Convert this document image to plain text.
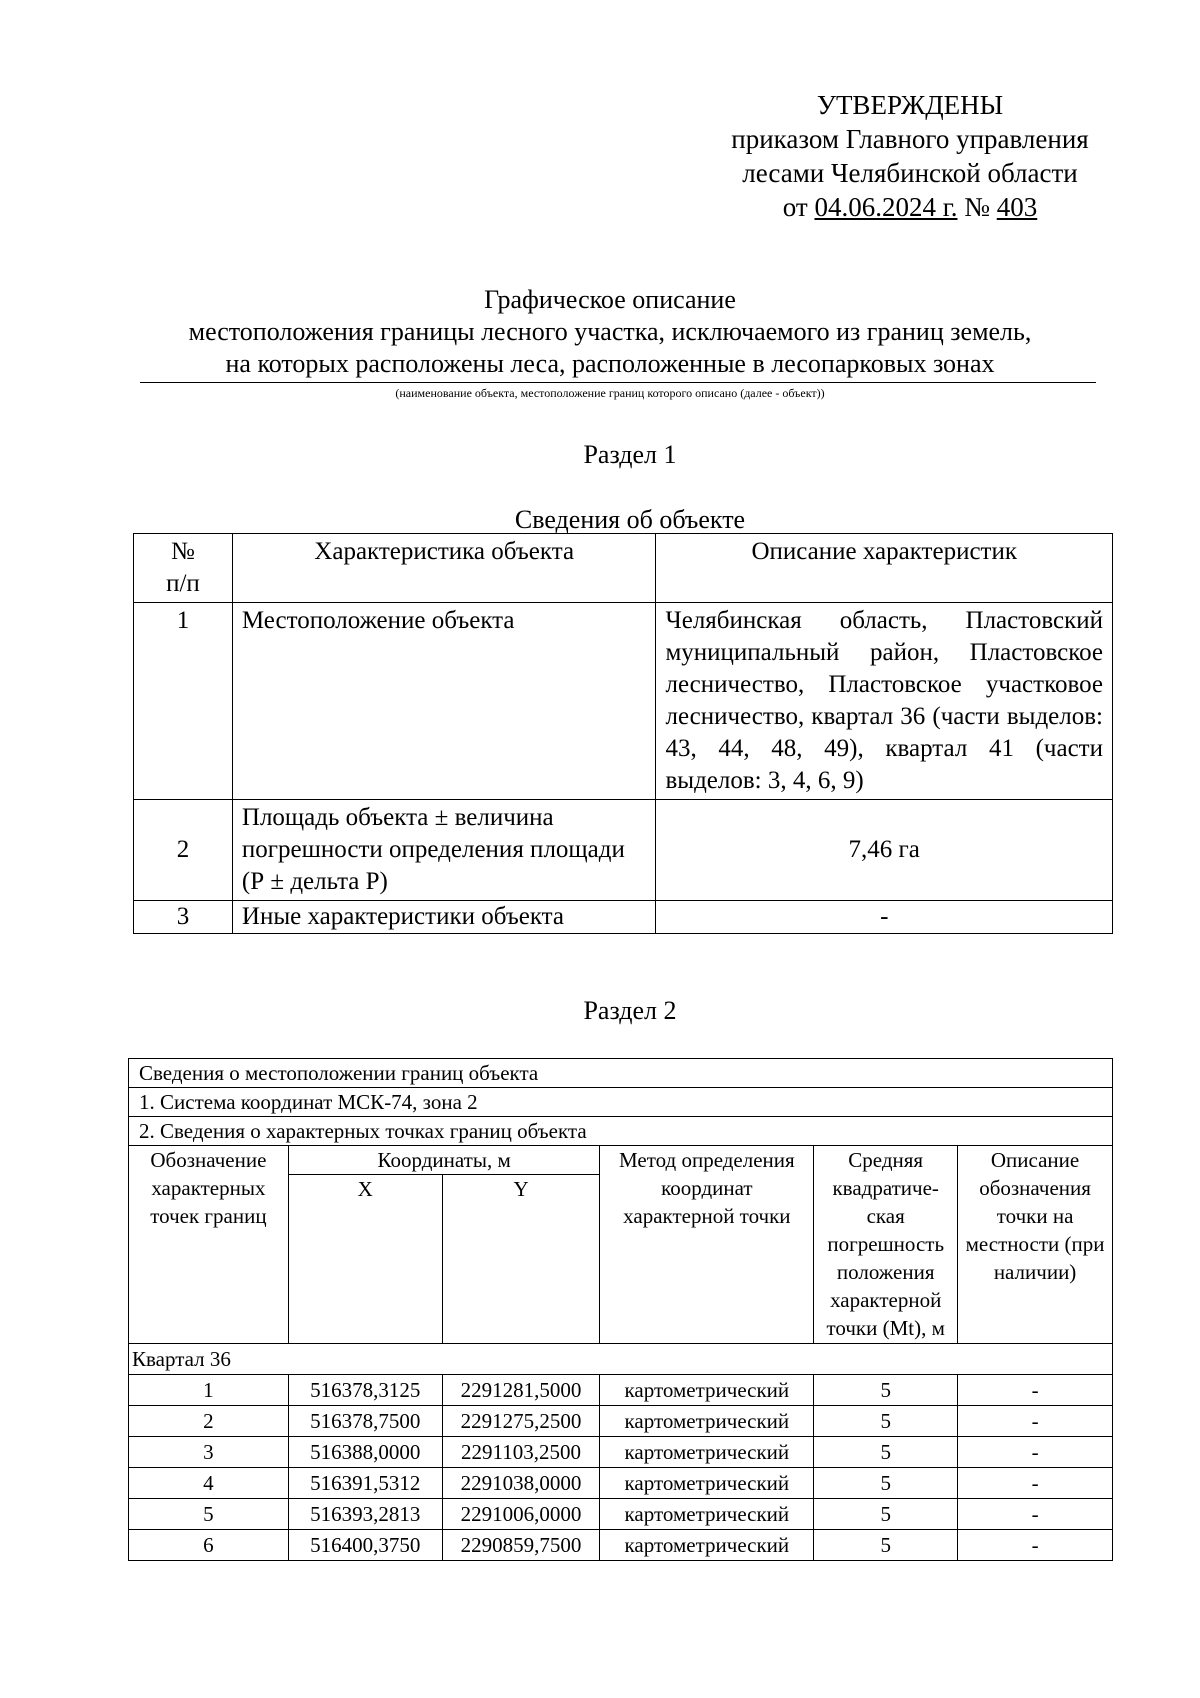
УТВЕРЖДЕНЫ
приказом Главного управления
лесами Челябинской области
от 04.06.2024 г. № 403
Графическое описание
местоположения границы лесного участка, исключаемого из границ земель,
на которых расположены леса, расположенные в лесопарковых зонах
(наименование объекта, местоположение границ которого описано (далее - объект))
Раздел 1
Сведения об объекте
№
п/п	Характеристика объекта	Описание характеристик
1	Местоположение объекта	Челябинская область, Пластовский муниципальный район, Пластовское лесничество, Пластовское участковое лесничество, квартал 36 (части выделов: 43, 44, 48, 49), квартал 41 (части выделов: 3, 4, 6, 9)
2	Площадь объекта ± величина погрешности определения площади (Р ± дельта Р)	7,46 га
3	Иные характеристики объекта	-
Раздел 2
Сведения о местоположении границ объекта					
1. Система координат МСК-74, зона 2					
2. Сведения о характерных точках границ объекта					
Обозначение характерных точек границ	Координаты, м		Метод определения координат характерной точки	Средняя квадратиче-ская погрешность положения характерной точки (Mt), м	Описание обозначения точки на местности (при наличии)
	X	Y			
Квартал 36					
1	516378,3125	2291281,5000	картометрический	5	-
2	516378,7500	2291275,2500	картометрический	5	-
3	516388,0000	2291103,2500	картометрический	5	-
4	516391,5312	2291038,0000	картометрический	5	-
5	516393,2813	2291006,0000	картометрический	5	-
6	516400,3750	2290859,7500	картометрический	5	-
